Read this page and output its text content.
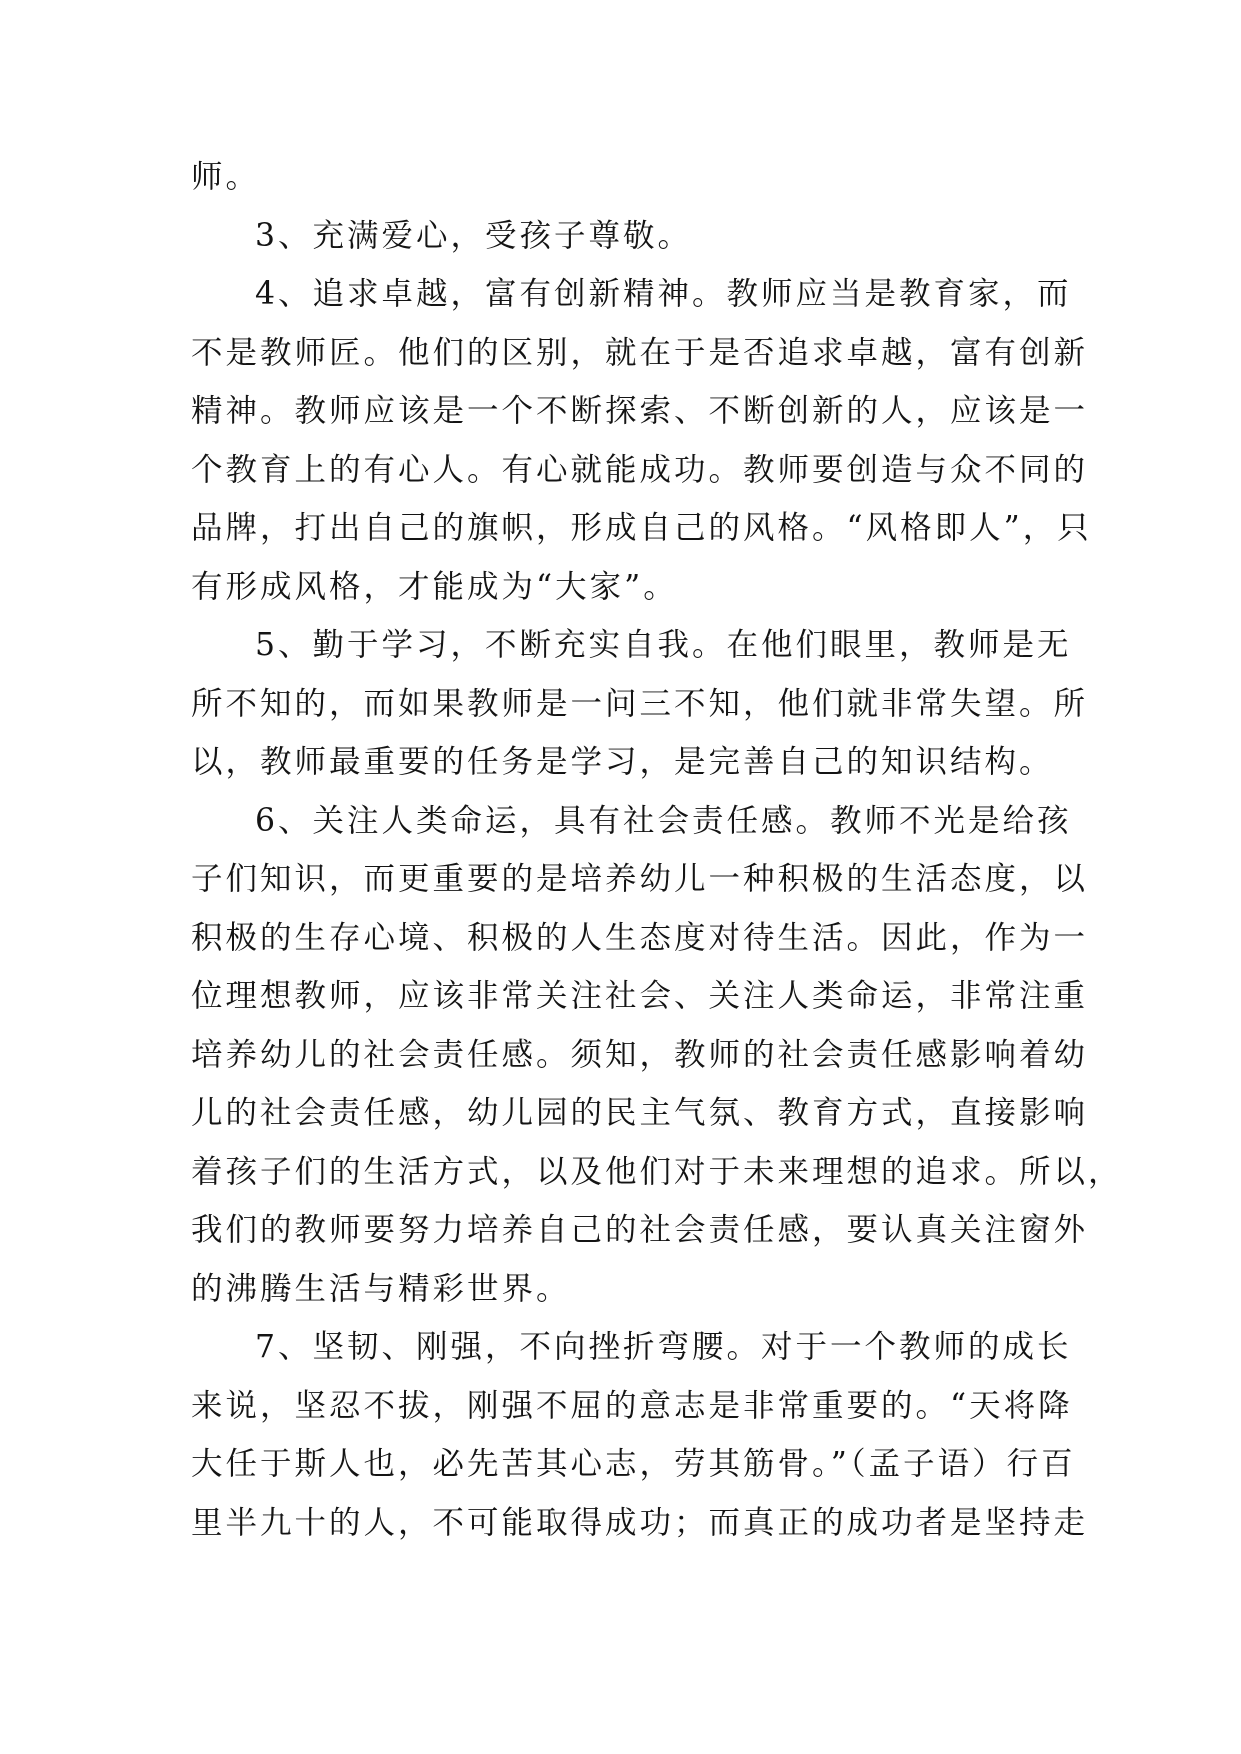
师。
3、充满爱心，受孩子尊敬。
4、追求卓越，富有创新精神。教师应当是教育家，而
不是教师匠。他们的区别，就在于是否追求卓越，富有创新
精神。教师应该是一个不断探索、不断创新的人，应该是一
个教育上的有心人。有心就能成功。教师要创造与众不同的
品牌，打出自己的旗帜，形成自己的风格。“风格即人”，只
有形成风格，才能成为“大家”。
5、勤于学习，不断充实自我。在他们眼里，教师是无
所不知的，而如果教师是一问三不知，他们就非常失望。所
以，教师最重要的任务是学习，是完善自己的知识结构。
6、关注人类命运，具有社会责任感。教师不光是给孩
子们知识，而更重要的是培养幼儿一种积极的生活态度，以
积极的生存心境、积极的人生态度对待生活。因此，作为一
位理想教师，应该非常关注社会、关注人类命运，非常注重
培养幼儿的社会责任感。须知，教师的社会责任感影响着幼
儿的社会责任感，幼儿园的民主气氛、教育方式，直接影响
着孩子们的生活方式，以及他们对于未来理想的追求。所以，
我们的教师要努力培养自己的社会责任感，要认真关注窗外
的沸腾生活与精彩世界。
7、坚韧、刚强，不向挫折弯腰。对于一个教师的成长
来说，坚忍不拔，刚强不屈的意志是非常重要的。“天将降
大任于斯人也，必先苦其心志，劳其筋骨。”（孟子语）行百
里半九十的人，不可能取得成功；而真正的成功者是坚持走
